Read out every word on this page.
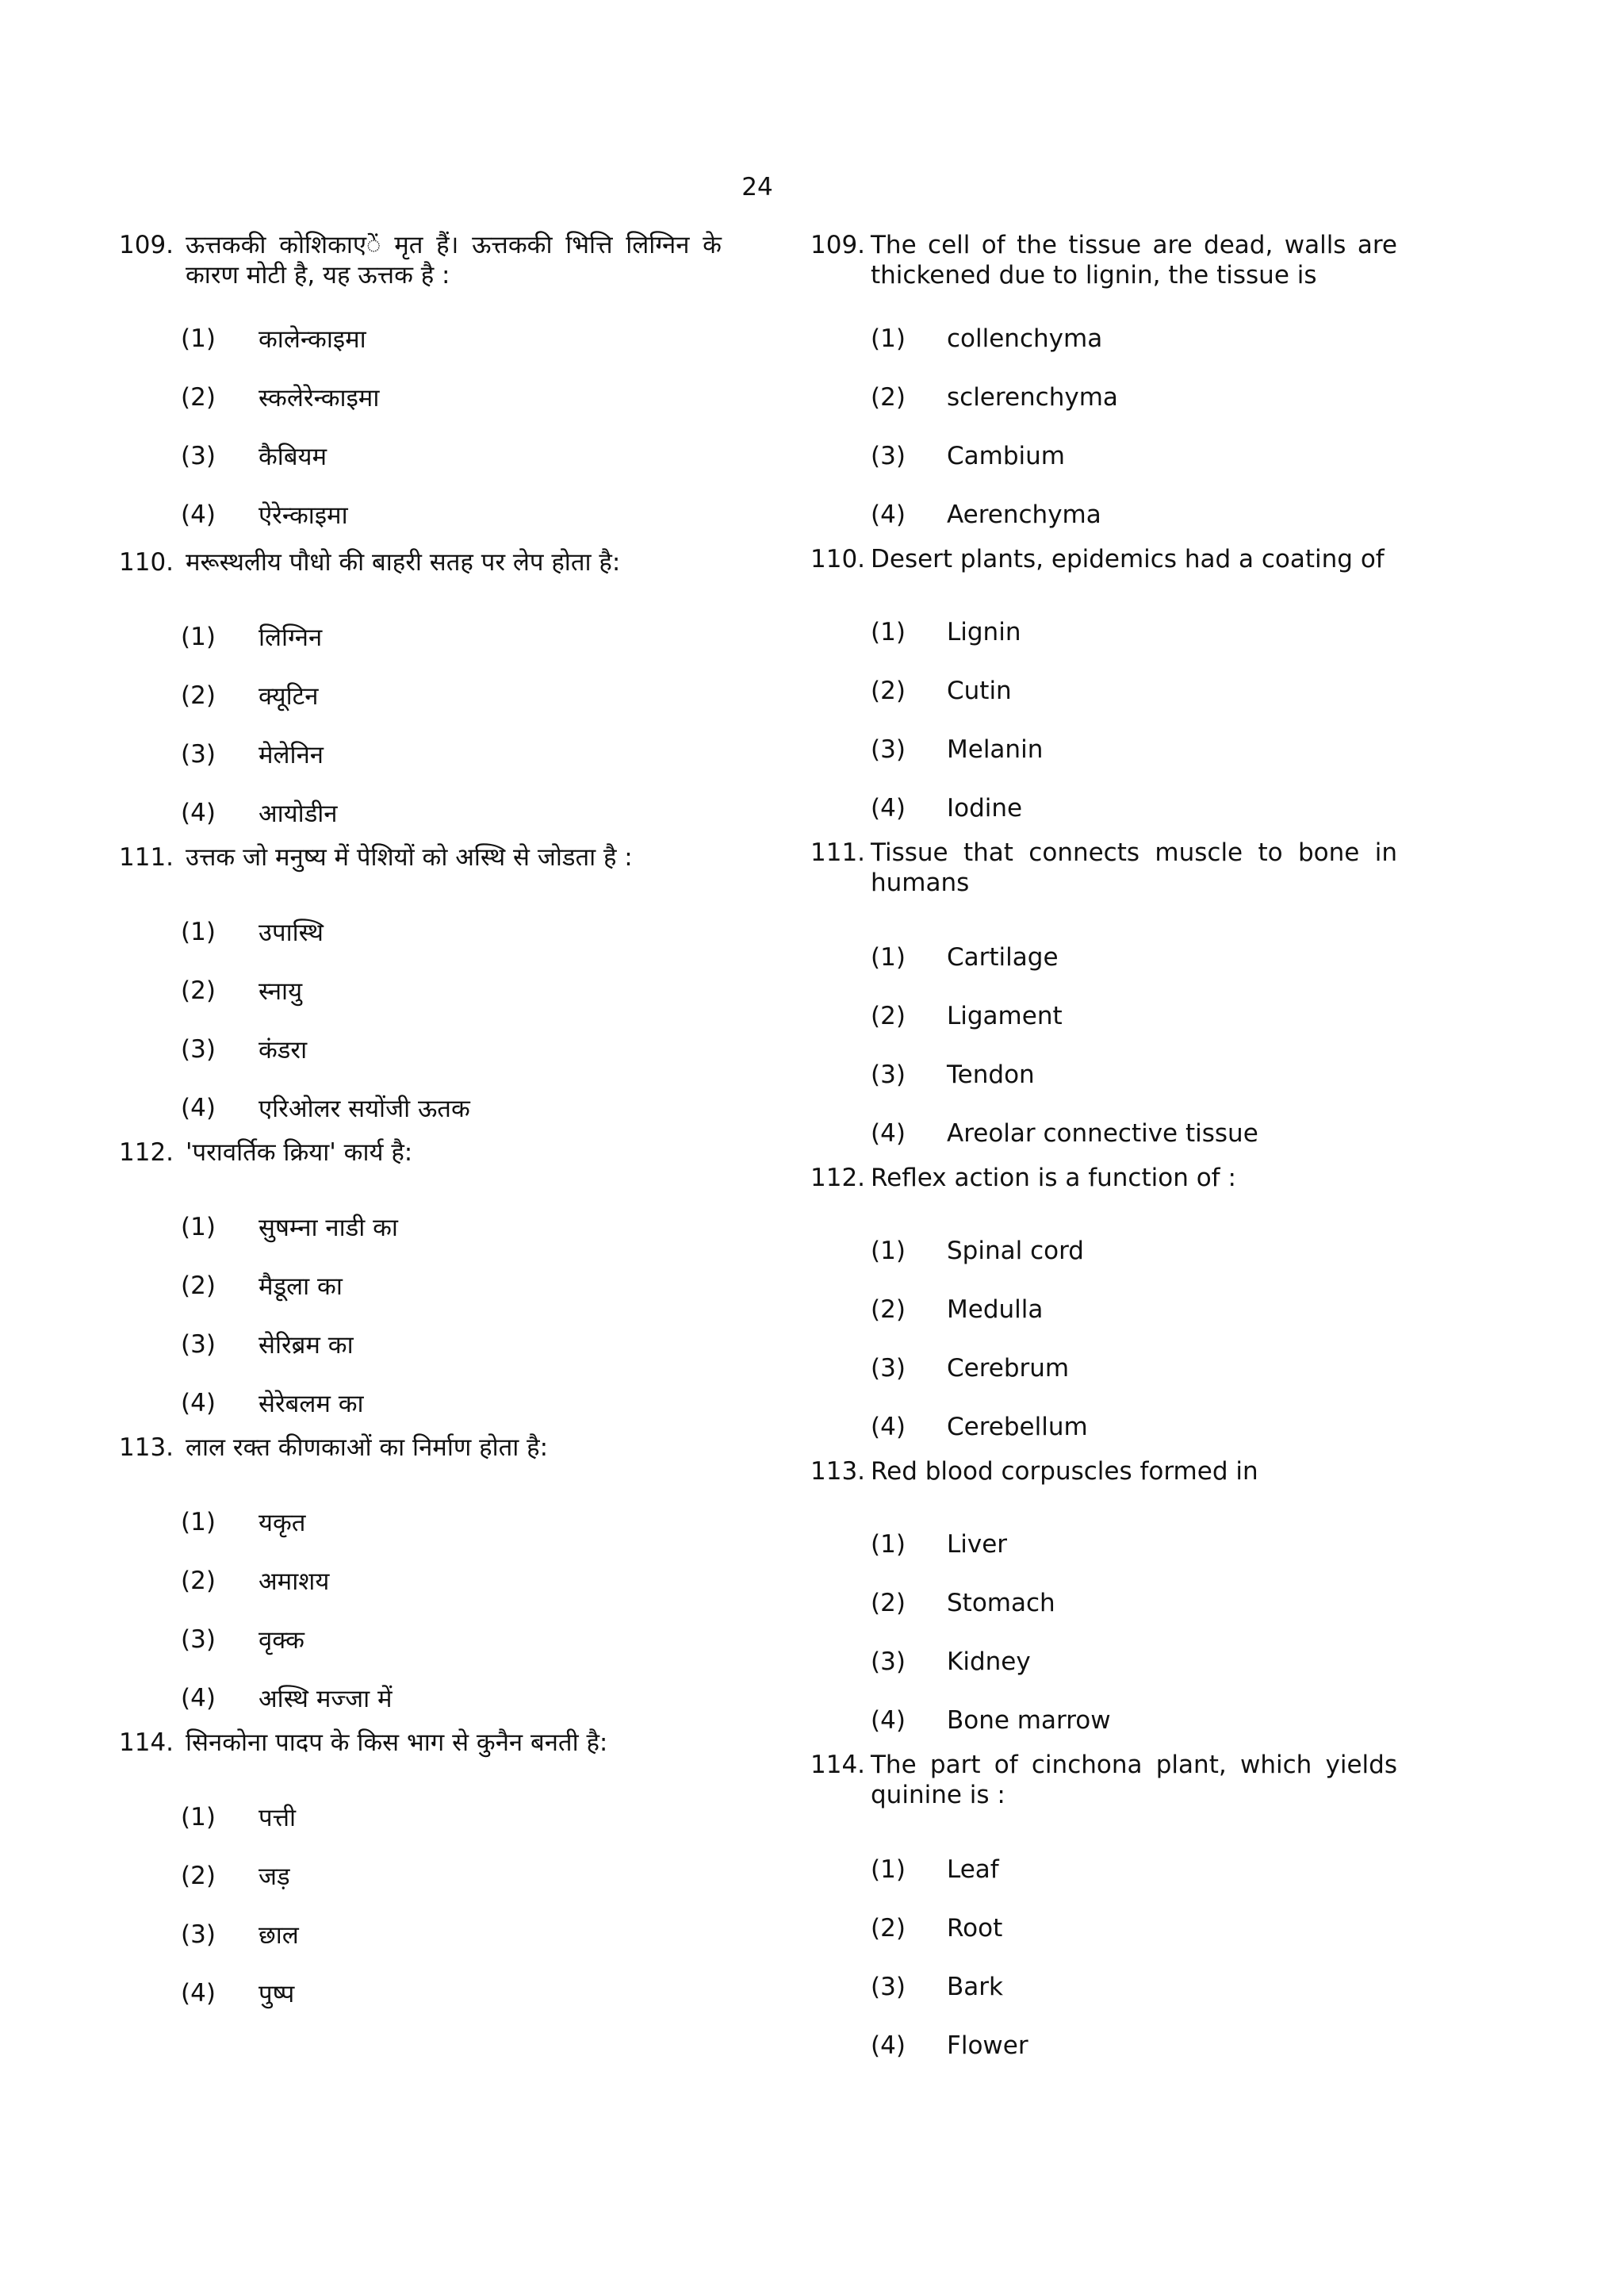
24
109. ऊत्तककी कोशिकाएें मृत हैं। ऊत्तककी भित्ति लिग्निन के कारण मोटी है, यह ऊत्तक है :
(1)	कालेन्काइमा
(2)	स्कलेरेन्काइमा
(3)	कैबियम
(4)	ऐरेन्काइमा
110. मरूस्थलीय पौधो की बाहरी सतह पर लेप होता है:
(1)	लिग्निन
(2)	क्यूटिन
(3)	मेलेनिन
(4)	आयोडीन
111. उत्तक जो मनुष्य में पेशियों को अस्थि से जोडता है :
(1)	उपास्थि
(2)	स्नायु
(3)	कंडरा
(4)	एरिओलर सयोंजी ऊतक
112. 'परावर्तिक क्रिया' कार्य है:
(1)	सुषम्ना नाडी का
(2)	मैडूला का
(3)	सेरिब्रम का
(4)	सेरेबलम का
113. लाल रक्त कीणकाओं का निर्माण होता है:
(1)	यकृत
(2)	अमाशय
(3)	वृक्क
(4)	अस्थि मज्जा में
114. सिनकोना पादप के किस भाग से कुनैन बनती है:
(1)	पत्ती
(2)	जड़
(3)	छाल
(4)	पुष्प
109. The cell of the tissue are dead, walls are thickened due to lignin, the tissue is
(1)	collenchyma
(2)	sclerenchyma
(3)	Cambium
(4)	Aerenchyma
110. Desert plants, epidemics had a coating of
(1)	Lignin
(2)	Cutin
(3)	Melanin
(4)	Iodine
111. Tissue that connects muscle to bone in humans
(1)	Cartilage
(2)	Ligament
(3)	Tendon
(4)	Areolar connective tissue
112. Reflex action is a function of :
(1)	Spinal cord
(2)	Medulla
(3)	Cerebrum
(4)	Cerebellum
113. Red blood corpuscles formed in
(1)	Liver
(2)	Stomach
(3)	Kidney
(4)	Bone marrow
114. The part of cinchona plant, which yields quinine is :
(1)	Leaf
(2)	Root
(3)	Bark
(4)	Flower
